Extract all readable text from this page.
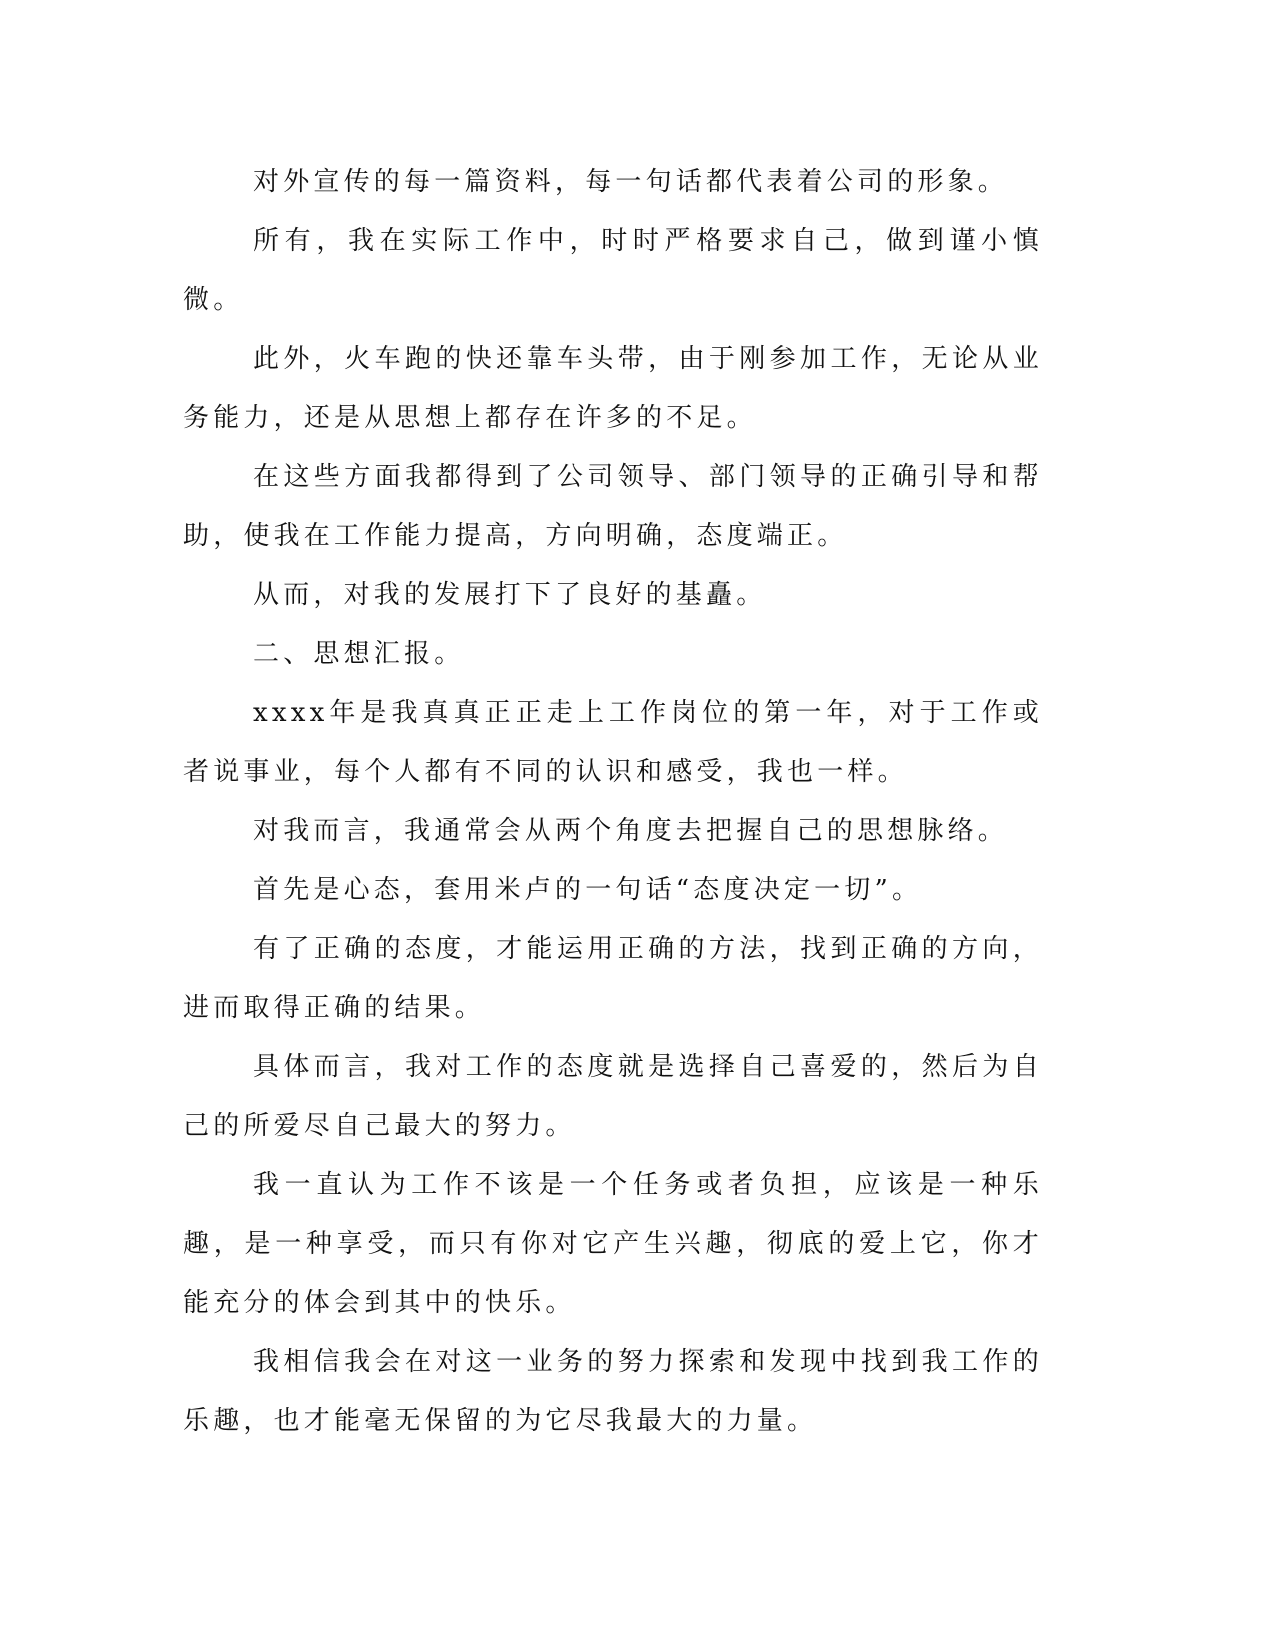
对外宣传的每一篇资料，每一句话都代表着公司的形象。

所有，我在实际工作中，时时严格要求自己，做到谨小慎微。

此外，火车跑的快还靠车头带，由于刚参加工作，无论从业务能力，还是从思想上都存在许多的不足。

在这些方面我都得到了公司领导、部门领导的正确引导和帮助，使我在工作能力提高，方向明确，态度端正。

从而，对我的发展打下了良好的基矗。

二、思想汇报。

xxxx年是我真真正正走上工作岗位的第一年，对于工作或者说事业，每个人都有不同的认识和感受，我也一样。

对我而言，我通常会从两个角度去把握自己的思想脉络。

首先是心态，套用米卢的一句话“态度决定一切”。

有了正确的态度，才能运用正确的方法，找到正确的方向，进而取得正确的结果。

具体而言，我对工作的态度就是选择自己喜爱的，然后为自己的所爱尽自己最大的努力。

我一直认为工作不该是一个任务或者负担，应该是一种乐趣，是一种享受，而只有你对它产生兴趣，彻底的爱上它，你才能充分的体会到其中的快乐。

我相信我会在对这一业务的努力探索和发现中找到我工作的乐趣，也才能毫无保留的为它尽我最大的力量。
